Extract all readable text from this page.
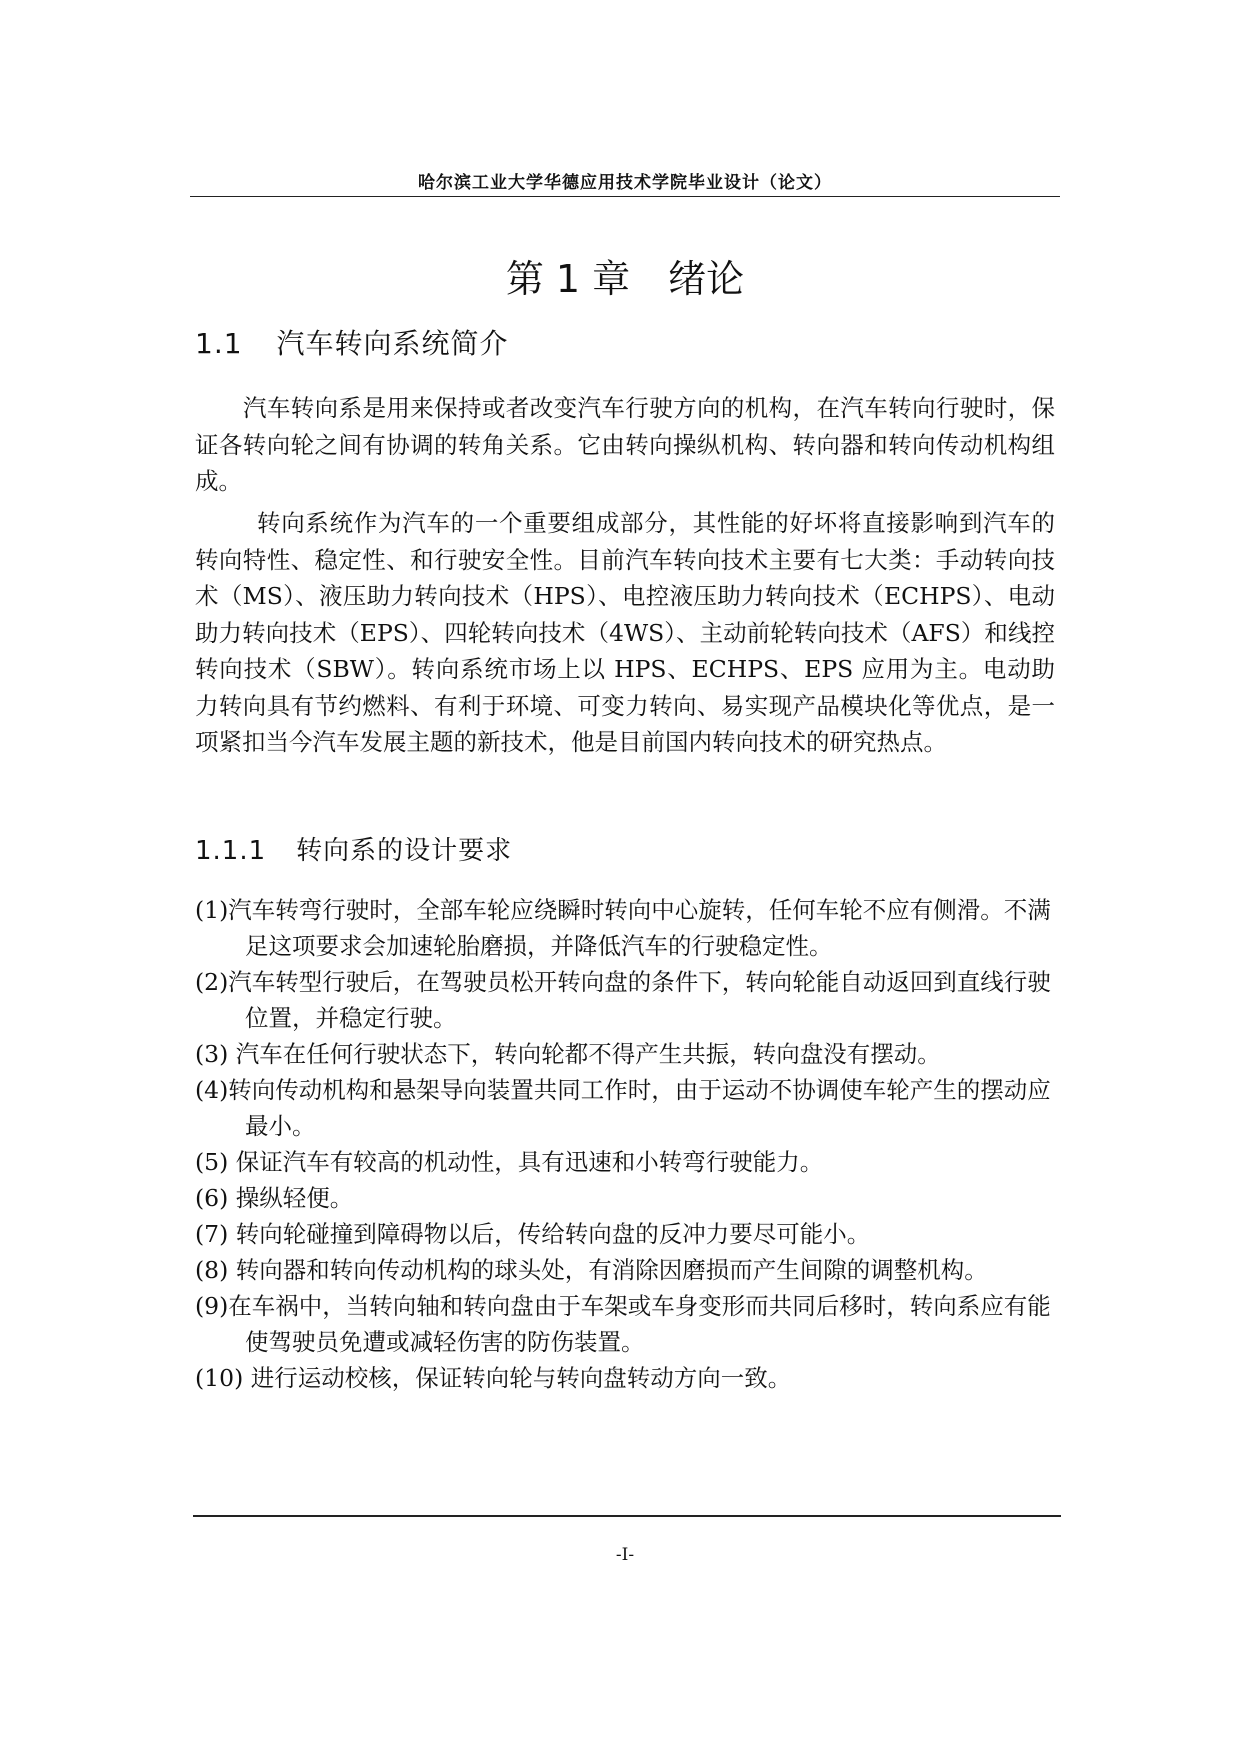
哈尔滨工业大学华德应用技术学院毕业设计（论文）
第 1 章　绪论
1.1 汽车转向系统简介

汽车转向系是用来保持或者改变汽车行驶方向的机构，在汽车转向行驶时，保证各转向轮之间有协调的转角关系。它由转向操纵机构、转向器和转向传动机构组成。

转向系统作为汽车的一个重要组成部分，其性能的好坏将直接影响到汽车的转向特性、稳定性、和行驶安全性。目前汽车转向技术主要有七大类：手动转向技术（MS）、液压助力转向技术（HPS）、电控液压助力转向技术（ECHPS）、电动助力转向技术（EPS）、四轮转向技术（4WS）、主动前轮转向技术（AFS）和线控转向技术（SBW）。转向系统市场上以 HPS、ECHPS、EPS 应用为主。电动助力转向具有节约燃料、有利于环境、可变力转向、易实现产品模块化等优点，是一项紧扣当今汽车发展主题的新技术，他是目前国内转向技术的研究热点。

1.1.1 转向系的设计要求
(1)汽车转弯行驶时，全部车轮应绕瞬时转向中心旋转，任何车轮不应有侧滑。不满足这项要求会加速轮胎磨损，并降低汽车的行驶稳定性。
(2)汽车转型行驶后，在驾驶员松开转向盘的条件下，转向轮能自动返回到直线行驶位置，并稳定行驶。
(3) 汽车在任何行驶状态下，转向轮都不得产生共振，转向盘没有摆动。
(4)转向传动机构和悬架导向装置共同工作时，由于运动不协调使车轮产生的摆动应最小。
(5) 保证汽车有较高的机动性，具有迅速和小转弯行驶能力。
(6) 操纵轻便。
(7) 转向轮碰撞到障碍物以后，传给转向盘的反冲力要尽可能小。
(8) 转向器和转向传动机构的球头处，有消除因磨损而产生间隙的调整机构。
(9)在车祸中，当转向轴和转向盘由于车架或车身变形而共同后移时，转向系应有能使驾驶员免遭或减轻伤害的防伤装置。
(10) 进行运动校核，保证转向轮与转向盘转动方向一致。
-I-
